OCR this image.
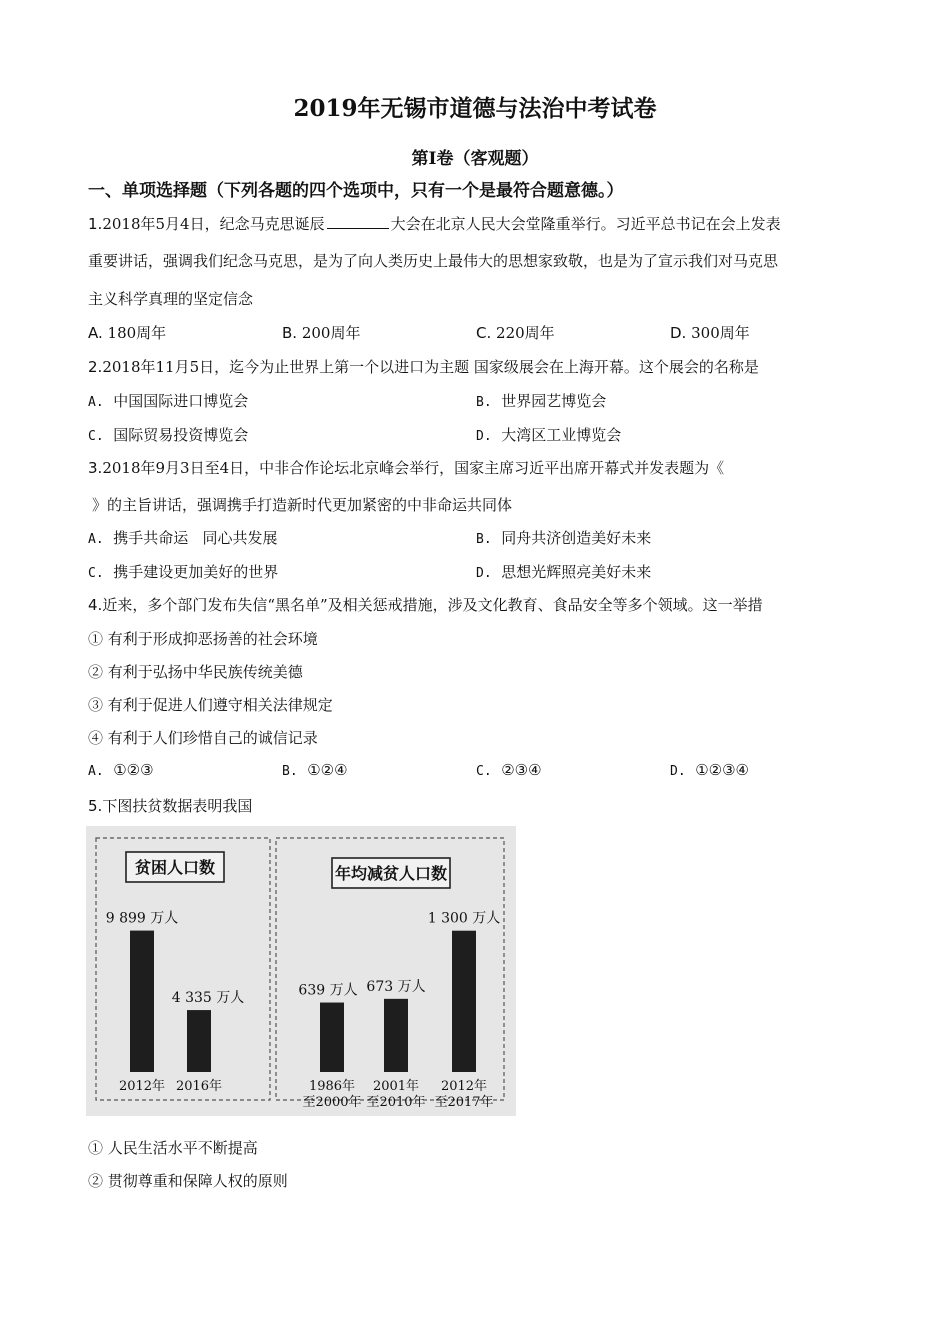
2019年无锡市道德与法治中考试卷
第Ⅰ卷（客观题）
一、单项选择题（下列各题的四个选项中，只有一个是最符合题意德。）
1.2018年5月4日，纪念马克思诞辰	大会在北京人民大会堂隆重举行。习近平总书记在会上发表
重要讲话，强调我们纪念马克思，是为了向人类历史上最伟大的思想家致敬，也是为了宣示我们对马克思
主义科学真理的坚定信念
A. 180周年	B. 200周年	C. 220周年	D. 300周年
2.2018年11月5日，迄今为止世界上第一个以进口为主题 国家级展会在上海开幕。这个展会的名称是
A. 中国国际进口博览会	B. 世界园艺博览会
C. 国际贸易投资博览会	D. 大湾区工业博览会
3.2018年9月3日至4日，中非合作论坛北京峰会举行，国家主席习近平出席开幕式并发表题为《
》的主旨讲话，强调携手打造新时代更加紧密的中非命运共同体
A. 携手共命运   同心共发展	B. 同舟共济创造美好未来
C. 携手建设更加美好的世界	D. 思想光辉照亮美好未来
4.近来，多个部门发布失信“黑名单”及相关惩戒措施，涉及文化教育、食品安全等多个领域。这一举措
① 有利于形成抑恶扬善的社会环境
② 有利于弘扬中华民族传统美德
③ 有利于促进人们遵守相关法律规定
④ 有利于人们珍惜自己的诚信记录
A. ①②③	B. ①②④	C. ②③④	D. ①②③④
5.下图扶贫数据表明我国
贫困人口数
9 899 万人
2012年
4 335 万人
2016年
年均减贫人口数
639 万人
1986年
至2000年
673 万人
2001年
至2010年
1 300 万人
2012年
至2017年
① 人民生活水平不断提高
② 贯彻尊重和保障人权的原则
